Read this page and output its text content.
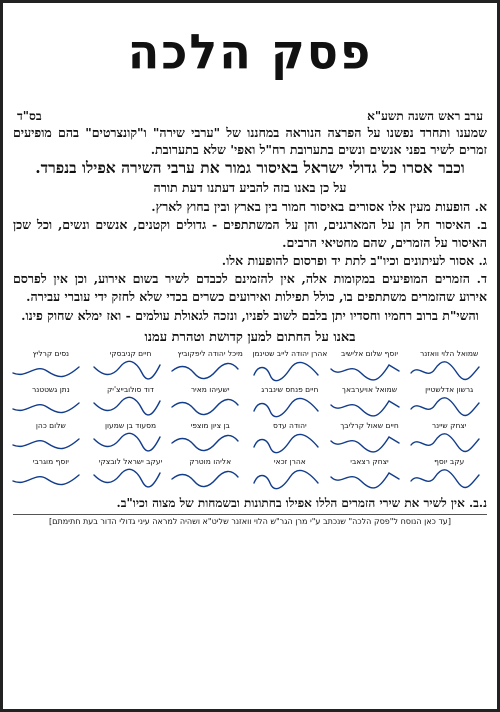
פסק הלכה
ערב ראש השנה תשע"א
בס"ד
שמענו ותחרד נפשנו על הפרצה הנוראה במחננו של "ערבי שירה" ו"קונצרטים" בהם מופיעים זמרים לשיר בפני אנשים ונשים בתערובת רח"ל ואפי' שלא בתערובת.
וכבר אסרו כל גדולי ישראל באיסור גמור את ערבי השירה אפילו בנפרד.
על כן באנו בזה להביע דעתנו דעת תורה
א. הופעות מעין אלו אסורים באיסור חמור בין בארץ ובין בחוץ לארץ.
ב. האיסור חל הן על המארגנים, והן על המשתתפים - גדולים וקטנים, אנשים ונשים, וכל שכן האיסור על הזמרים, שהם מחטיאי הרבים.
ג. אסור לעיתונים וכיו"ב לתת יד ופרסום להופעות אלו.
ד. הזמרים המופיעים במקומות אלה, אין להזמינם לכבדם לשיר בשום אירוע, וכן אין לפרסם אירוע שהזמרים משתתפים בו, כולל תפילות ואירועים כשרים בכדי שלא לחזק ידי עוברי עבירה.
והשי"ת ברוב רחמיו וחסדיו יתן בלבם לשוב לפניו, ונזכה לגאולת עולמים - ואז ימלא שחוק פינו.
באנו על החתום למען קדושת וטהרת עמנו
שמואל הלוי וואזנר
יוסף שלום אלישיב
אהרן יהודה לייב שטינמן
מיכל יהודה ליפקוביץ
חיים קניבסקי
נסים קרליץ
גרשון אדלשטיין
שמואל אויערבאך
חיים פנחס שינברג
ישעיהו מאיר
דוד סולובייצ'יק
נתן גשטטנר
יצחק שיינר
חיים שאול קרליבך
יהודה עדס
בן ציון מוצפי
מסעוד בן שמעון
שלום כהן
עקב יוסף
יצחק רצאבי
אהרן זכאי
אליהו מוטרק
יעקב ישראל לובצקי
יוסף מוגרבי
נ.ב. אין לשיר את שירי הזמרים הללו אפילו בחתונות ובשמחות של מצוה וכיו"ב.
[עד כאן הנוסח ל"פסק הלכה" שנכתב ע"י מרן הגר"ש הלוי וואזנר שליט"א ושהיה למראה עיני גדולי הדור בעת חתימתם]
